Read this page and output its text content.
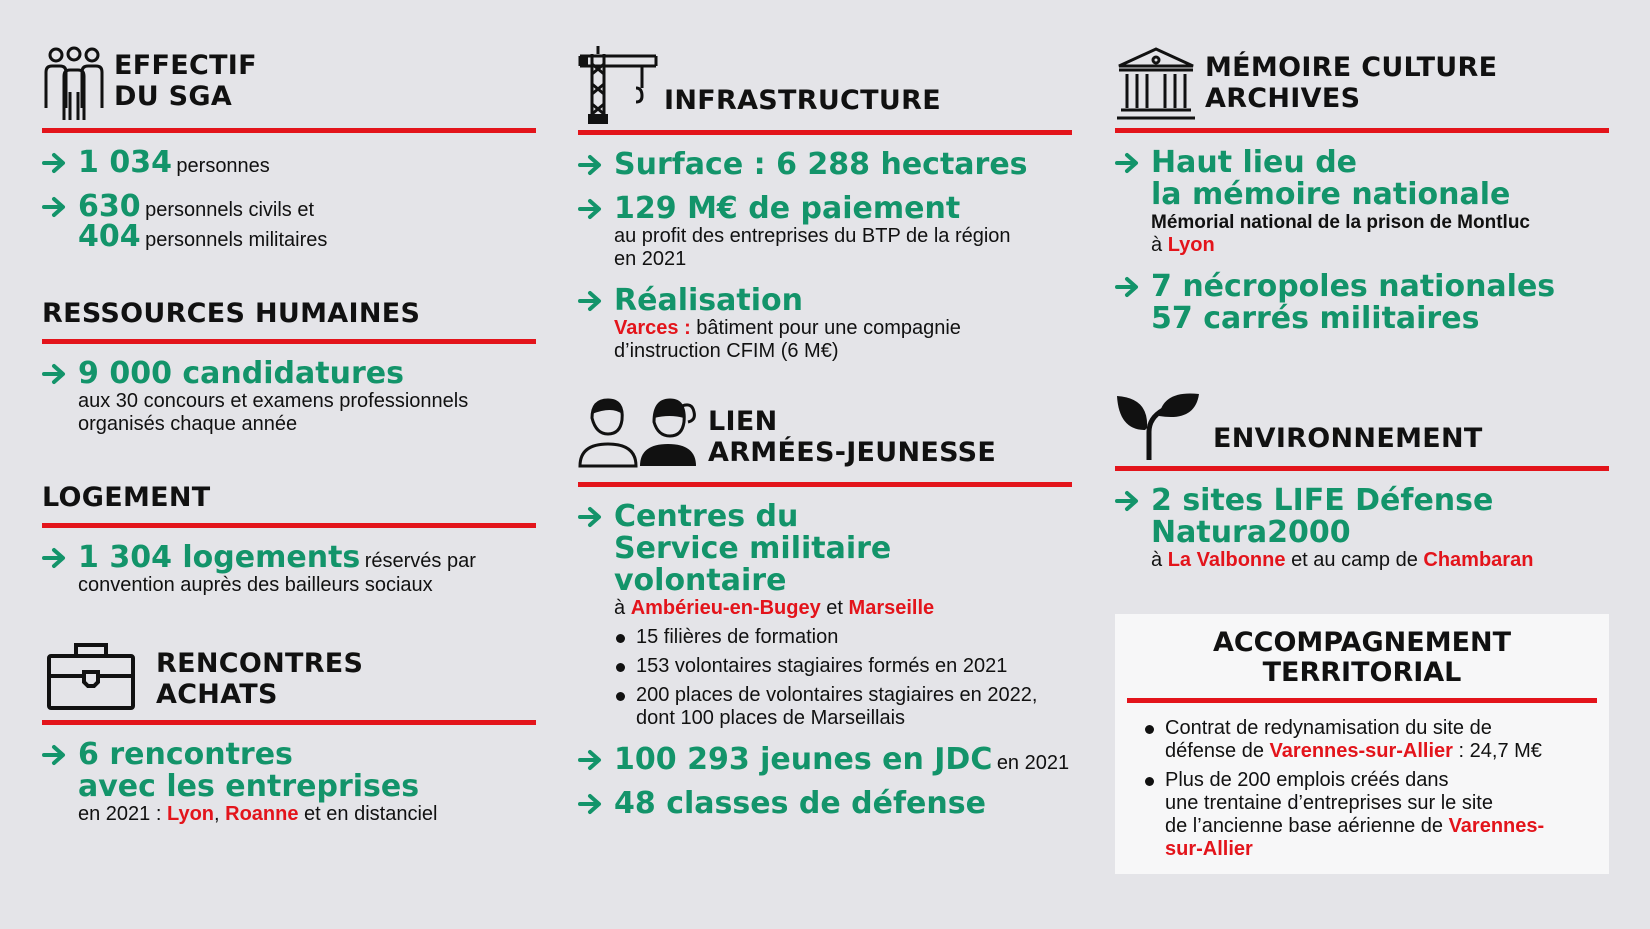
EFFECTIF
DU SGA
1 034 personnes
630 personnels civils et
404 personnels militaires
RESSOURCES HUMAINES
9 000 candidatures
aux 30 concours et examens professionnels
organisés chaque année
LOGEMENT
1 304 logements réservés par
convention auprès des bailleurs sociaux
RENCONTRES
ACHATS
6 rencontres
avec les entreprises
en 2021 : Lyon, Roanne et en distanciel
INFRASTRUCTURE
Surface : 6 288 hectares
129 M€ de paiement
au profit des entreprises du BTP de la région
en 2021
Réalisation
Varces : bâtiment pour une compagnie
d’instruction CFIM (6 M€)
LIEN
ARMÉES-JEUNESSE
Centres du
Service militaire volontaire
à Ambérieu-en-Bugey et Marseille
15 filières de formation
153 volontaires stagiaires formés en 2021
200 places de volontaires stagiaires en 2022,
dont 100 places de Marseillais
100 293 jeunes en JDC en 2021
48 classes de défense
MÉMOIRE CULTURE
ARCHIVES
Haut lieu de
la mémoire nationale
Mémorial national de la prison de Montluc
à Lyon
7 nécropoles nationales
57 carrés militaires
ENVIRONNEMENT
2 sites LIFE Défense
Natura2000
à La Valbonne et au camp de Chambaran
ACCOMPAGNEMENT
TERRITORIAL
Contrat de redynamisation du site de
défense de Varennes-sur-Allier : 24,7 M€
Plus de 200 emplois créés dans
une trentaine d’entreprises sur le site
de l’ancienne base aérienne de Varennes-
sur-Allier
